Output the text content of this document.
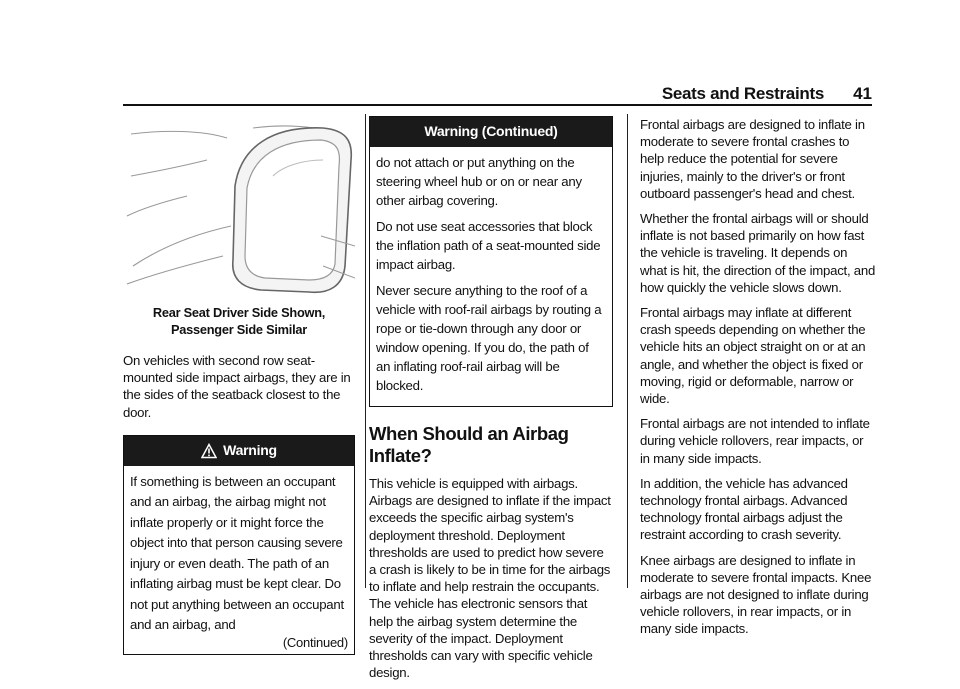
Seats and Restraints 41
Rear Seat Driver Side Shown, Passenger Side Similar

On vehicles with second row seat-mounted side impact airbags, they are in the sides of the seatback closest to the door.

Warning

If something is between an occupant and an airbag, the airbag might not inflate properly or it might force the object into that person causing severe injury or even death. The path of an inflating airbag must be kept clear. Do not put anything between an occupant and an airbag, and

(Continued)
Warning (Continued)

do not attach or put anything on the steering wheel hub or on or near any other airbag covering.

Do not use seat accessories that block the inflation path of a seat-mounted side impact airbag.

Never secure anything to the roof of a vehicle with roof-rail airbags by routing a rope or tie-down through any door or window opening. If you do, the path of an inflating roof-rail airbag will be blocked.

When Should an Airbag Inflate?

This vehicle is equipped with airbags. Airbags are designed to inflate if the impact exceeds the specific airbag system's deployment threshold. Deployment thresholds are used to predict how severe a crash is likely to be in time for the airbags to inflate and help restrain the occupants. The vehicle has electronic sensors that help the airbag system determine the severity of the impact. Deployment thresholds can vary with specific vehicle design.

Frontal airbags are designed to inflate in moderate to severe frontal crashes to help reduce the potential for severe injuries, mainly to the driver's or front outboard passenger's head and chest.

Whether the frontal airbags will or should inflate is not based primarily on how fast the vehicle is traveling. It depends on what is hit, the direction of the impact, and how quickly the vehicle slows down.

Frontal airbags may inflate at different crash speeds depending on whether the vehicle hits an object straight on or at an angle, and whether the object is fixed or moving, rigid or deformable, narrow or wide.

Frontal airbags are not intended to inflate during vehicle rollovers, rear impacts, or in many side impacts.

In addition, the vehicle has advanced technology frontal airbags. Advanced technology frontal airbags adjust the restraint according to crash severity.

Knee airbags are designed to inflate in moderate to severe frontal impacts. Knee airbags are not designed to inflate during vehicle rollovers, in rear impacts, or in many side impacts.
